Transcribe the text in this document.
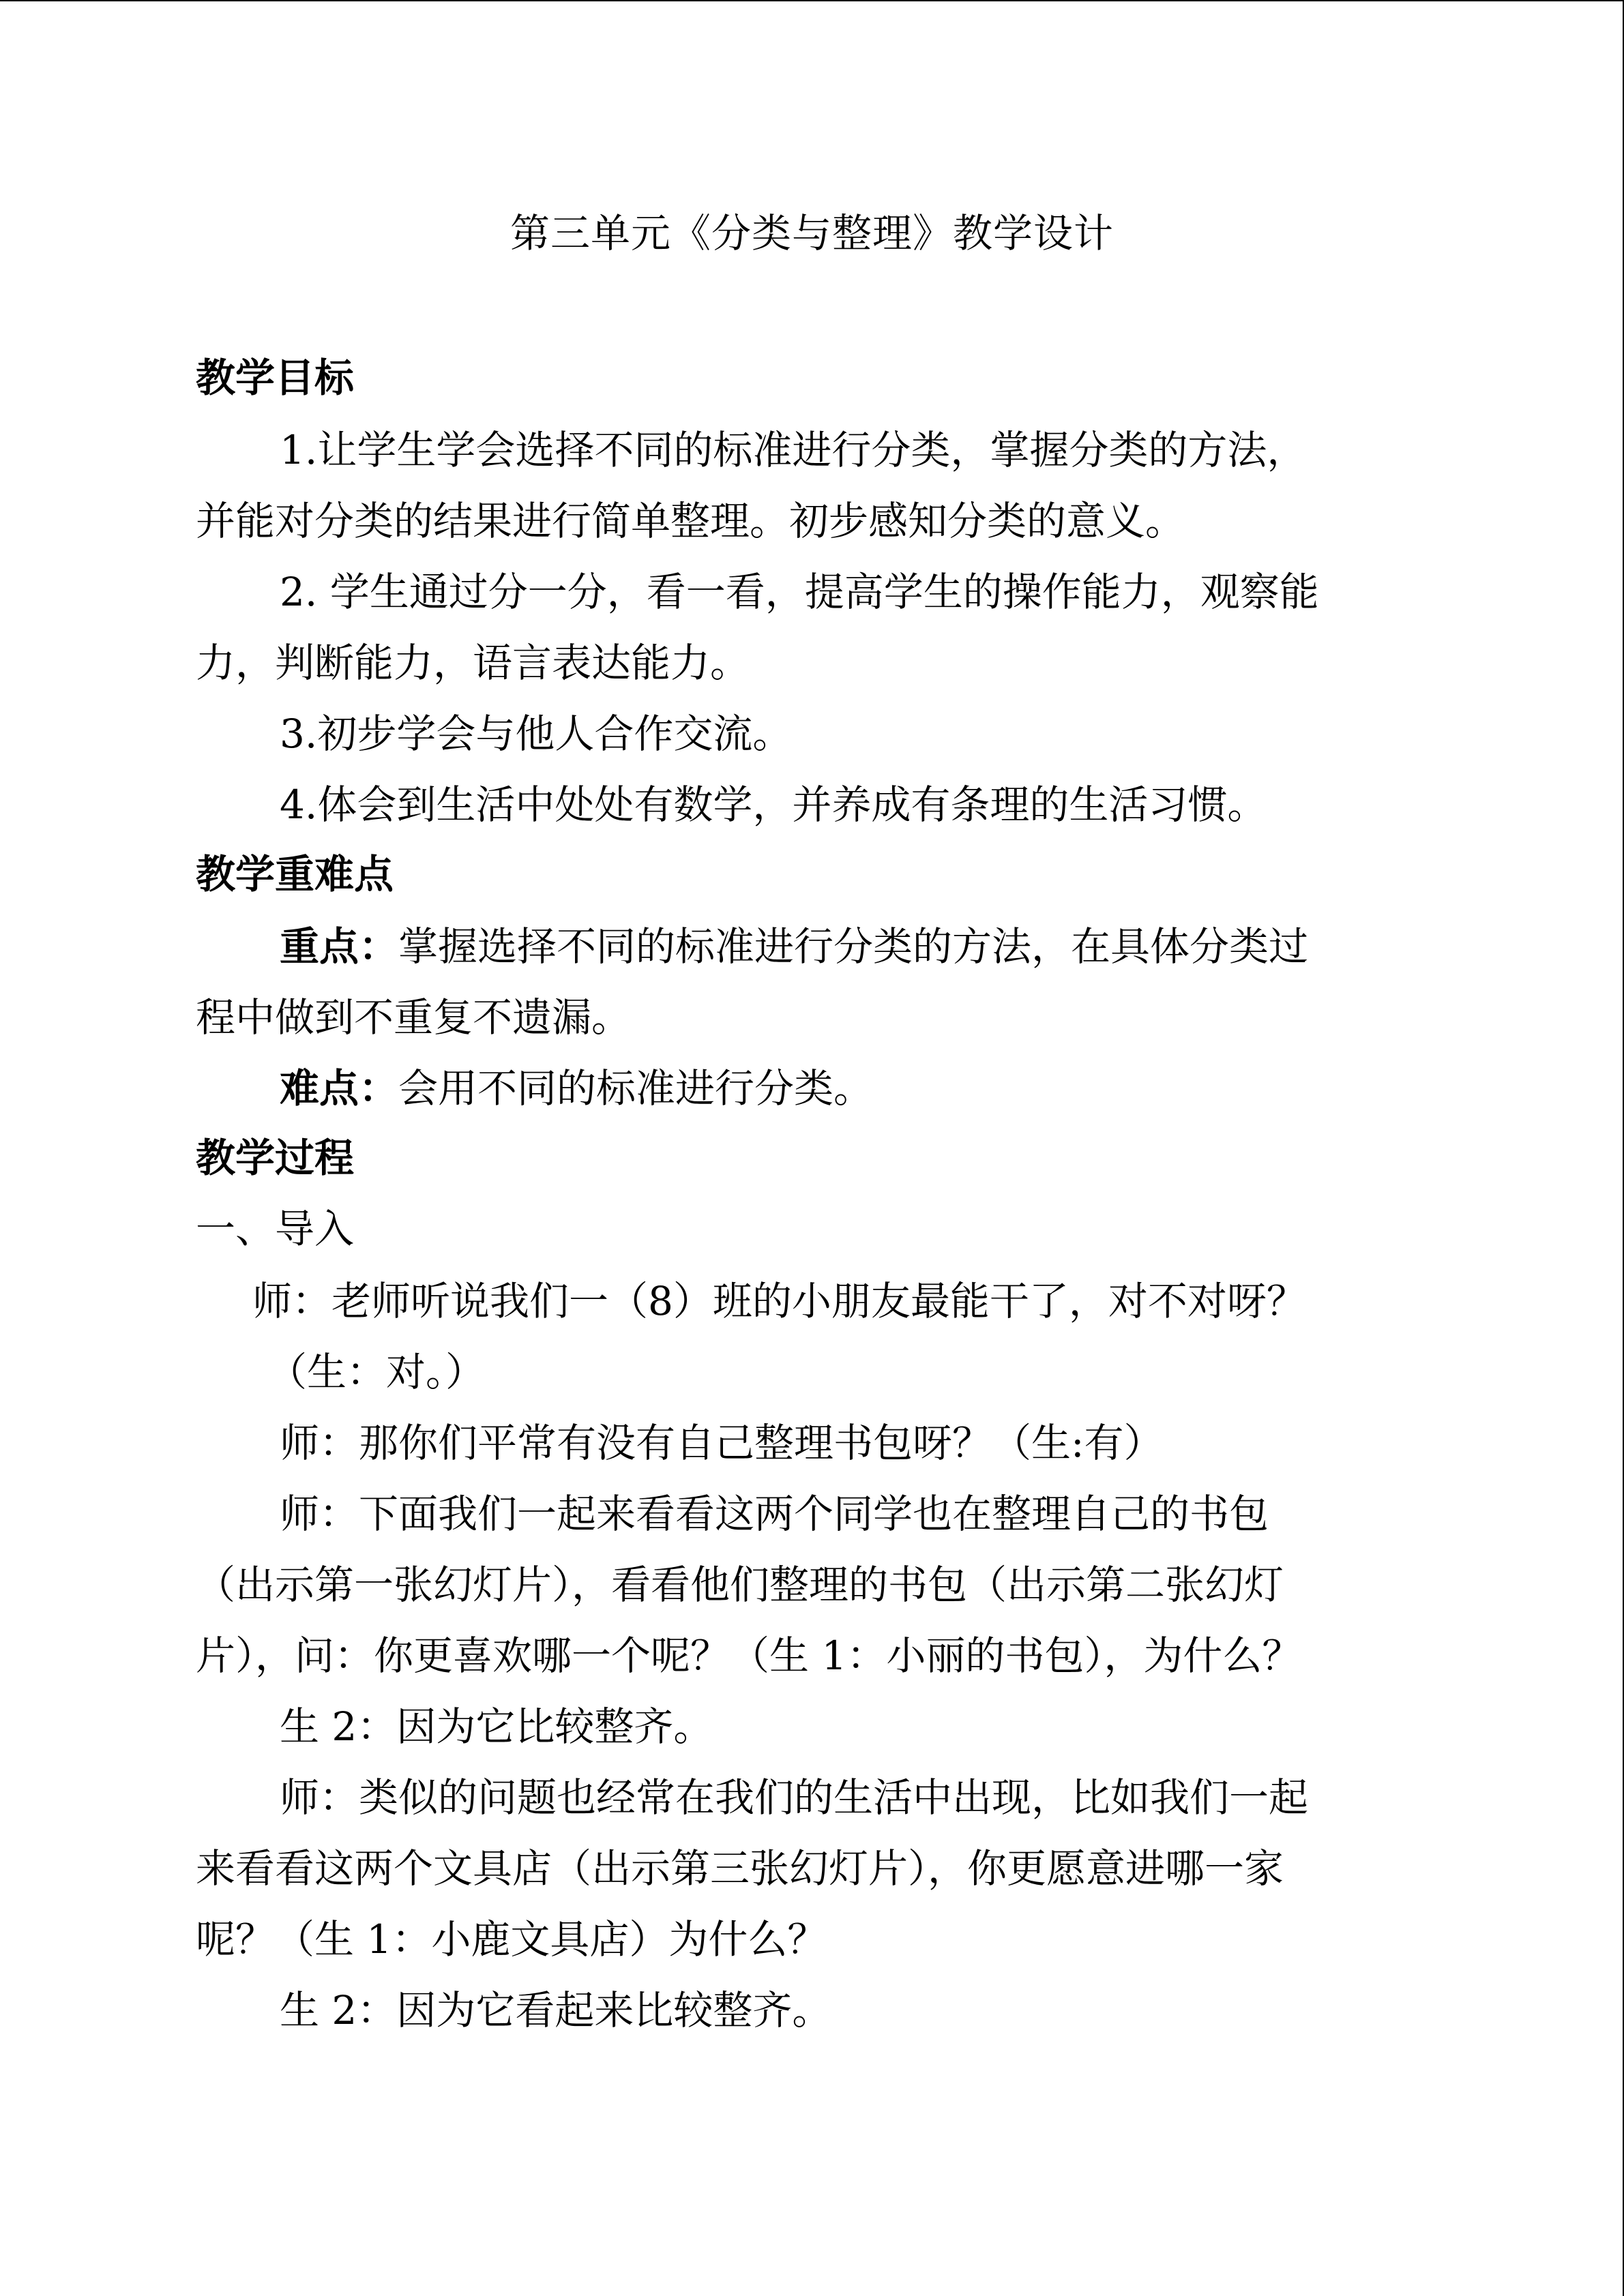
第三单元《分类与整理》教学设计
教学目标
1.让学生学会选择不同的标准进行分类，掌握分类的方法，
并能对分类的结果进行简单整理。初步感知分类的意义。
2. 学生通过分一分，看一看，提高学生的操作能力，观察能
力，判断能力，语言表达能力。
3.初步学会与他人合作交流。
4.体会到生活中处处有数学，并养成有条理的生活习惯。
教学重难点
重点：掌握选择不同的标准进行分类的方法，在具体分类过
程中做到不重复不遗漏。
难点：会用不同的标准进行分类。
教学过程
一、导入
师：老师听说我们一（8）班的小朋友最能干了，对不对呀？
（生：对。）
师：那你们平常有没有自己整理书包呀？（生:有）
师：下面我们一起来看看这两个同学也在整理自己的书包
（出示第一张幻灯片），看看他们整理的书包（出示第二张幻灯
片），问：你更喜欢哪一个呢？（生 1：小丽的书包），为什么？
生 2：因为它比较整齐。
师：类似的问题也经常在我们的生活中出现，比如我们一起
来看看这两个文具店（出示第三张幻灯片），你更愿意进哪一家
呢？（生 1：小鹿文具店）为什么？
生 2：因为它看起来比较整齐。
